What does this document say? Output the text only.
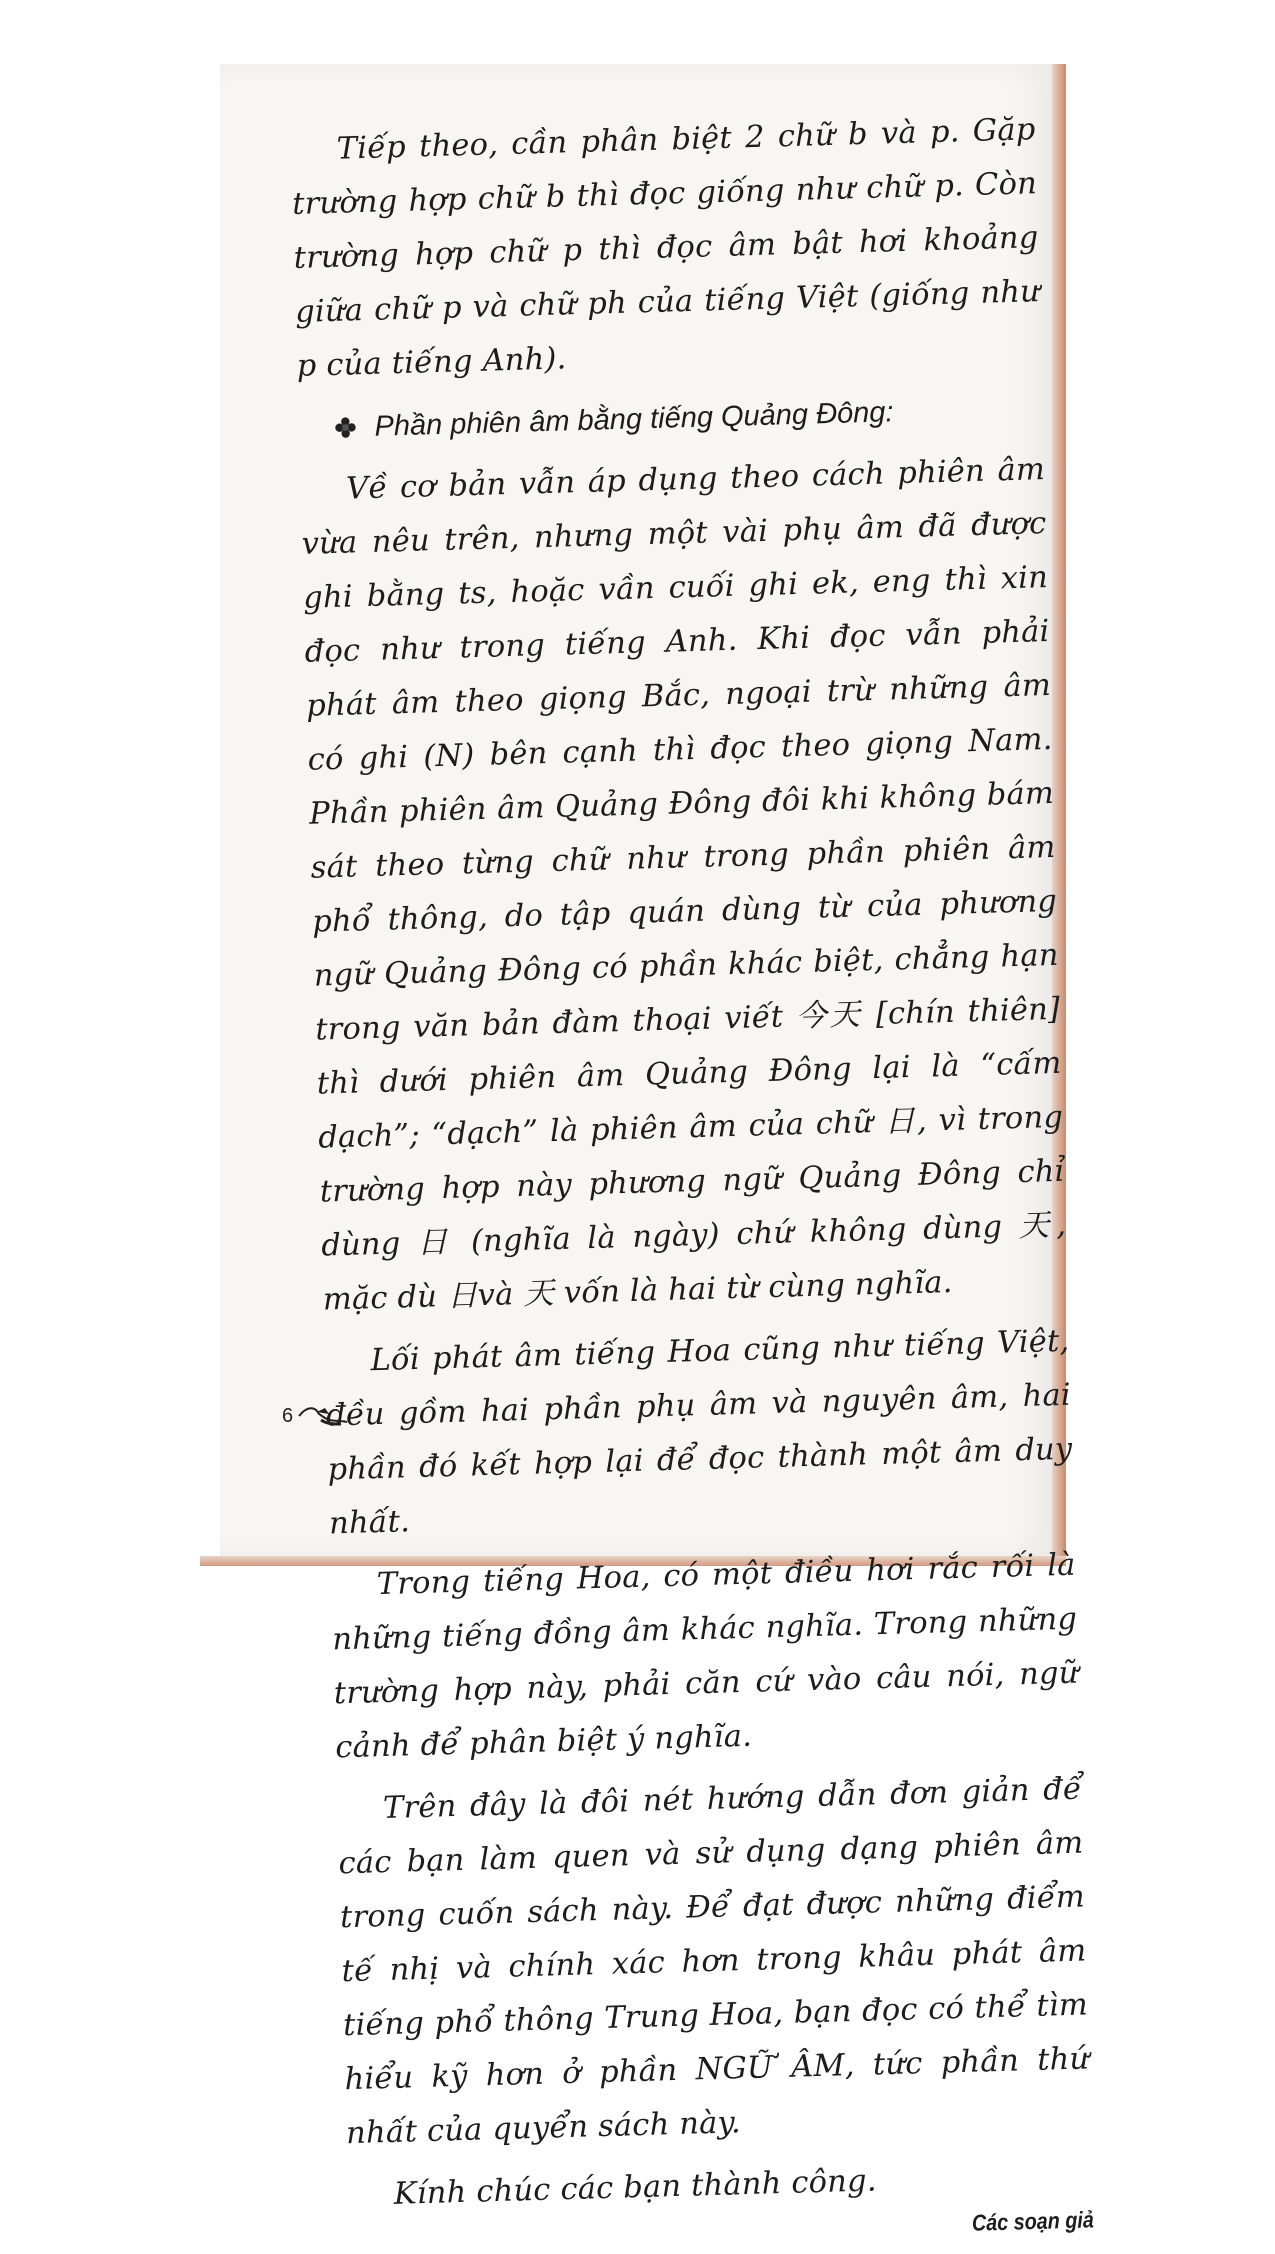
Tiếp theo, cần phân biệt 2 chữ b và p. Gặp trường hợp chữ b thì đọc giống như chữ p. Còn trường hợp chữ p thì đọc âm bật hơi khoảng giữa chữ p và chữ ph của tiếng Việt (giống như p của tiếng Anh).

Phần phiên âm bằng tiếng Quảng Đông:

Về cơ bản vẫn áp dụng theo cách phiên âm vừa nêu trên, nhưng một vài phụ âm đã được ghi bằng ts, hoặc vần cuối ghi ek, eng thì xin đọc như trong tiếng Anh. Khi đọc vẫn phải phát âm theo giọng Bắc, ngoại trừ những âm có ghi (N) bên cạnh thì đọc theo giọng Nam. Phần phiên âm Quảng Đông đôi khi không bám sát theo từng chữ như trong phần phiên âm phổ thông, do tập quán dùng từ của phương ngữ Quảng Đông có phần khác biệt, chẳng hạn trong văn bản đàm thoại viết 今天 [chín thiên] thì dưới phiên âm Quảng Đông lại là “cấm dạch”; “dạch” là phiên âm của chữ 日, vì trong trường hợp này phương ngữ Quảng Đông chỉ dùng 日 (nghĩa là ngày) chứ không dùng 天, mặc dù 日và 天 vốn là hai từ cùng nghĩa.

Lối phát âm tiếng Hoa cũng như tiếng Việt, đều gồm hai phần phụ âm và nguyên âm, hai phần đó kết hợp lại để đọc thành một âm duy nhất.

Trong tiếng Hoa, có một điều hơi rắc rối là những tiếng đồng âm khác nghĩa. Trong những trường hợp này, phải căn cứ vào câu nói, ngữ cảnh để phân biệt ý nghĩa.

Trên đây là đôi nét hướng dẫn đơn giản để các bạn làm quen và sử dụng dạng phiên âm trong cuốn sách này. Để đạt được những điểm tế nhị và chính xác hơn trong khâu phát âm tiếng phổ thông Trung Hoa, bạn đọc có thể tìm hiểu kỹ hơn ở phần NGỮ ÂM, tức phần thứ nhất của quyển sách này.

Kính chúc các bạn thành công.

Các soạn giả
6
